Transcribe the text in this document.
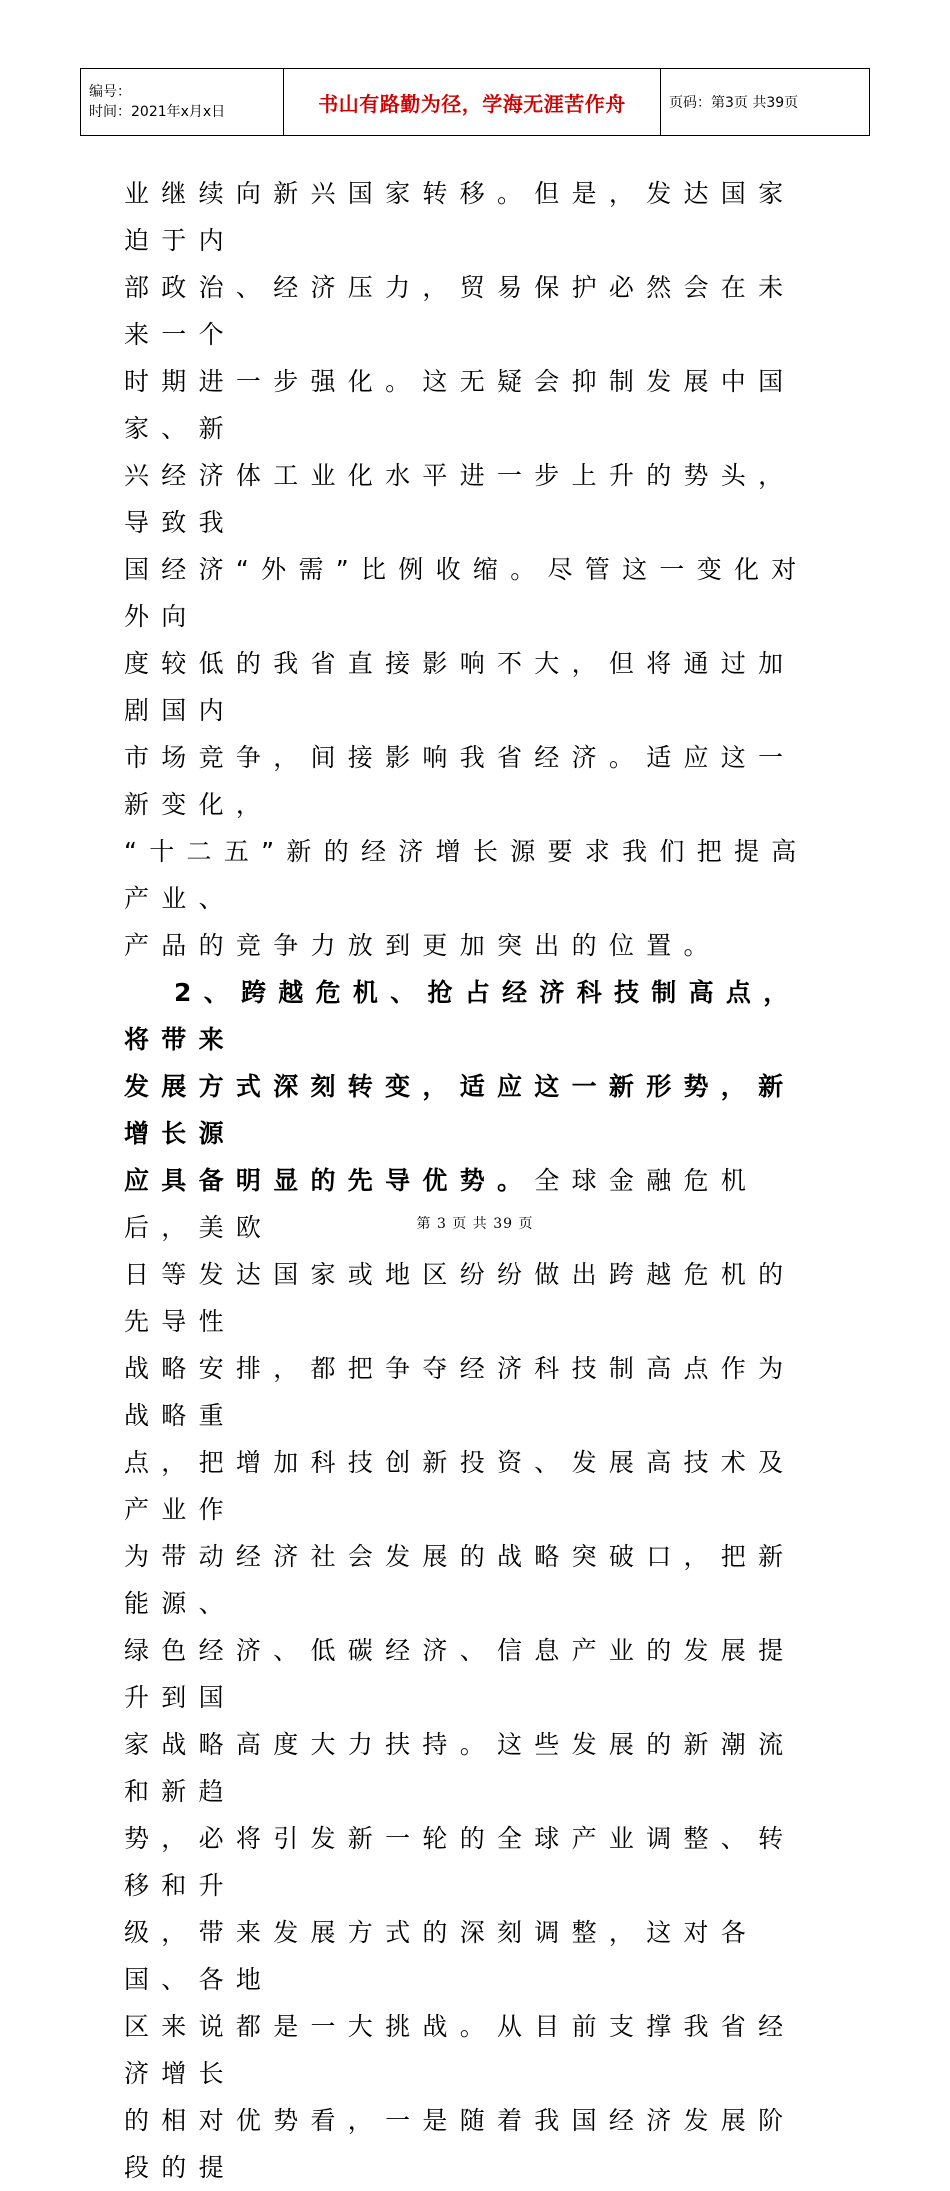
编号：
时间：2021年x月x日	书山有路勤为径，学海无涯苦作舟	页码：第3页 共39页
业继续向新兴国家转移。但是，发达国家迫于内
部政治、经济压力，贸易保护必然会在未来一个
时期进一步强化。这无疑会抑制发展中国家、新
兴经济体工业化水平进一步上升的势头，导致我
国经济“外需”比例收缩。尽管这一变化对外向
度较低的我省直接影响不大，但将通过加剧国内
市场竞争，间接影响我省经济。适应这一新变化，
“十二五”新的经济增长源要求我们把提高产业、
产品的竞争力放到更加突出的位置。
2、跨越危机、抢占经济科技制高点，将带来
发展方式深刻转变，适应这一新形势，新增长源
应具备明显的先导优势。全球金融危机后，美欧
日等发达国家或地区纷纷做出跨越危机的先导性
战略安排，都把争夺经济科技制高点作为战略重
点，把增加科技创新投资、发展高技术及产业作
为带动经济社会发展的战略突破口，把新能源、
绿色经济、低碳经济、信息产业的发展提升到国
家战略高度大力扶持。这些发展的新潮流和新趋
势，必将引发新一轮的全球产业调整、转移和升
级，带来发展方式的深刻调整，这对各国、各地
区来说都是一大挑战。从目前支撑我省经济增长
的相对优势看，一是随着我国经济发展阶段的提
第 3 页 共 39 页
